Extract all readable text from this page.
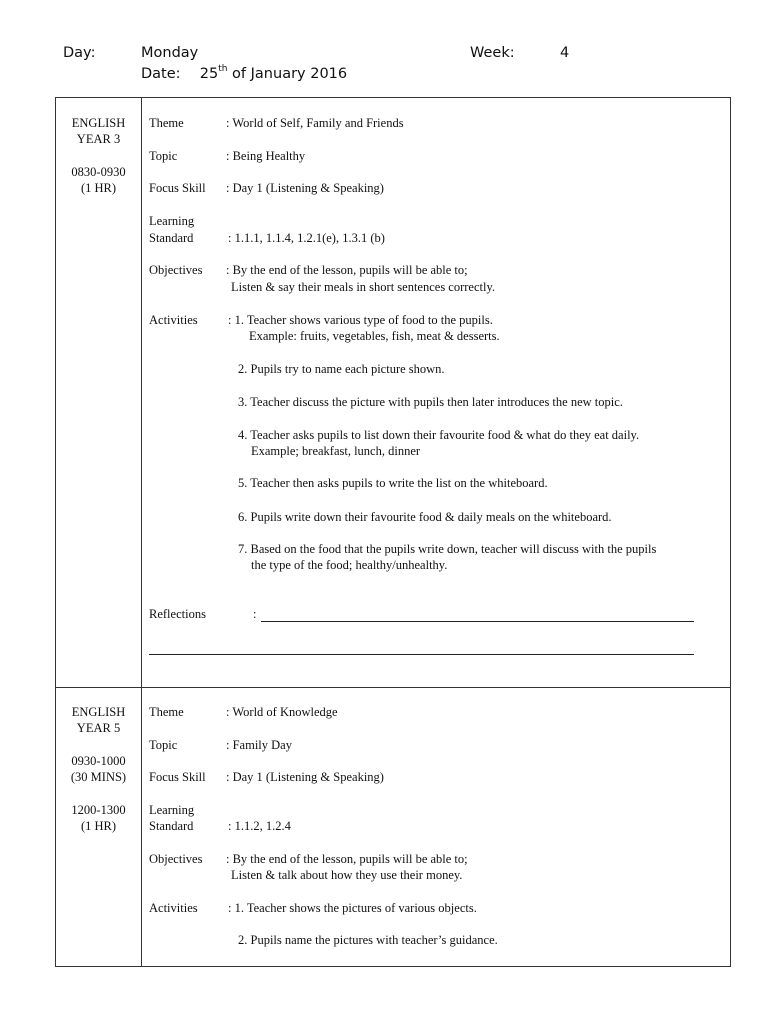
Day:	Monday	Week:	4
Date: 25th of January 2016
ENGLISH
YEAR 3
0830-0930
(1 HR)
Theme	: World of Self, Family and Friends
Topic	: Being Healthy
Focus Skill : Day 1 (Listening & Speaking)
Learning
Standard	: 1.1.1, 1.1.4, 1.2.1(e), 1.3.1 (b)
Objectives : By the end of the lesson, pupils will be able to;
Listen & say their meals in short sentences correctly.
Activities : 1. Teacher shows various type of food to the pupils.
Example: fruits, vegetables, fish, meat & desserts.
2. Pupils try to name each picture shown.
3. Teacher discuss the picture with pupils then later introduces the new topic.
4. Teacher asks pupils to list down their favourite food & what do they eat daily.
Example; breakfast, lunch, dinner
5. Teacher then asks pupils to write the list on the whiteboard.
6. Pupils write down their favourite food & daily meals on the whiteboard.
7. Based on the food that the pupils write down, teacher will discuss with the pupils
the type of the food; healthy/unhealthy.
Reflections	:
ENGLISH
YEAR 5
0930-1000
(30 MINS)
1200-1300
(1 HR)
Theme	: World of Knowledge
Topic	: Family Day
Focus Skill : Day 1 (Listening & Speaking)
Learning
Standard	: 1.1.2, 1.2.4
Objectives : By the end of the lesson, pupils will be able to;
Listen & talk about how they use their money.
Activities : 1. Teacher shows the pictures of various objects.
2. Pupils name the pictures with teacher’s guidance.
